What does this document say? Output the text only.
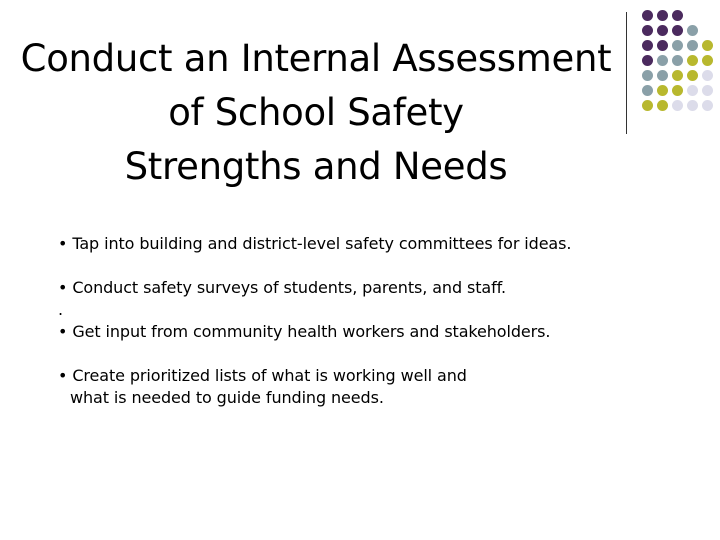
Conduct an Internal Assessment
of School Safety
Strengths and Needs

• Tap into building and district-level safety committees for ideas.

• Conduct safety surveys of students, parents, and staff.

.

• Get input from community health workers and stakeholders.

• Create prioritized lists of what is working well and

what is needed to guide funding needs.
